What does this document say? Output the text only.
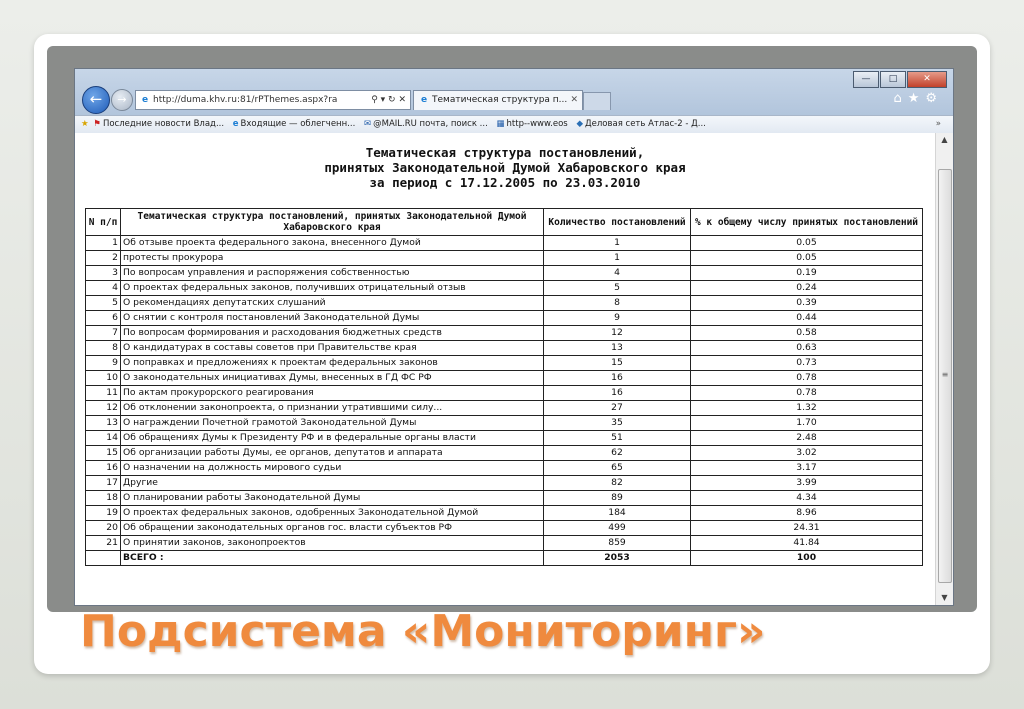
—	□	✕
←	→	e http://duma.khv.ru:81/rPThemes.aspx?ra	⚲ ▾ ↻ ✕	e Тематическая структура п... ✕	⌂★⚙
★ ⚑ Последние новости Влад... e Входящие — облегченн... ✉ @MAIL.RU почта, поиск ... ▦ http--www.eos ◆ Деловая сеть Атлас-2 - Д...	»
Тематическая структура постановлений,
принятых Законодательной Думой Хабаровского края
за период с 17.12.2005 по 23.03.2010
N п/п	Тематическая структура постановлений, принятых Законодательной Думой Хабаровского края	Количество постановлений	% к общему числу принятых постановлений
1	Об отзыве проекта федерального закона, внесенного Думой	1	0.05
2	протесты прокурора	1	0.05
3	По вопросам управления и распоряжения собственностью	4	0.19
4	О проектах федеральных законов, получивших отрицательный отзыв	5	0.24
5	О рекомендациях депутатских слушаний	8	0.39
6	О снятии с контроля постановлений Законодательной Думы	9	0.44
7	По вопросам формирования и расходования бюджетных средств	12	0.58
8	О кандидатурах в составы советов при Правительстве края	13	0.63
9	О поправках и предложениях к проектам федеральных законов	15	0.73
10	О законодательных инициативах Думы, внесенных в ГД ФС РФ	16	0.78
11	По актам прокурорского реагирования	16	0.78
12	Об отклонении законопроекта, о признании утратившими силу...	27	1.32
13	О награждении Почетной грамотой Законодательной Думы	35	1.70
14	Об обращениях Думы к Президенту РФ и в федеральные органы власти	51	2.48
15	Об организации работы Думы, ее органов, депутатов и аппарата	62	3.02
16	О назначении на должность мирового судьи	65	3.17
17	Другие	82	3.99
18	О планировании работы Законодательной Думы	89	4.34
19	О проектах федеральных законов, одобренных Законодательной Думой	184	8.96
20	Об обращении законодательных органов гос. власти субъектов РФ	499	24.31
21	О принятии законов, законопроектов	859	41.84
	ВСЕГО :	2053	100
▲
≡
▼
Подсистема «Мониторинг»
